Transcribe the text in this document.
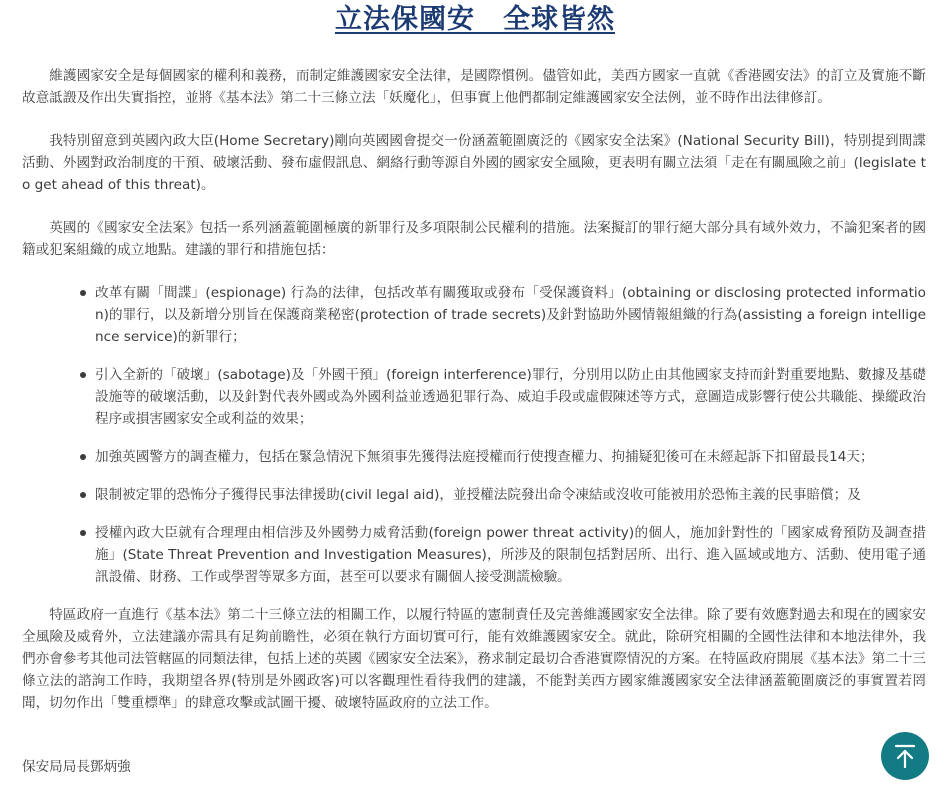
立法保國安　全球皆然

維護國家安全是每個國家的權利和義務，而制定維護國家安全法律，是國際慣例。儘管如此，美西方國家一直就《香港國安法》的訂立及實施不斷故意詆譭及作出失實指控，並將《基本法》第二十三條立法「妖魔化」，但事實上他們都制定維護國家安全法例，並不時作出法律修訂。

我特別留意到英國內政大臣(Home Secretary)剛向英國國會提交一份涵蓋範圍廣泛的《國家安全法案》(National Security Bill)，特別提到間諜活動、外國對政治制度的干預、破壞活動、發布虛假訊息、網絡行動等源自外國的國家安全風險，更表明有關立法須「走在有關風險之前」(legislate to get ahead of this threat)。

英國的《國家安全法案》包括一系列涵蓋範圍極廣的新罪行及多項限制公民權利的措施。法案擬訂的罪行絕大部分具有域外效力，不論犯案者的國籍或犯案組織的成立地點。建議的罪行和措施包括：

改革有關「間諜」(espionage) 行為的法律，包括改革有關獲取或發布「受保護資料」(obtaining or disclosing protected information)的罪行，以及新增分別旨在保護商業秘密(protection of trade secrets)及針對協助外國情報組織的行為(assisting a foreign intelligence service)的新罪行；
引入全新的「破壞」(sabotage)及「外國干預」(foreign interference)罪行，分別用以防止由其他國家支持而針對重要地點、數據及基礎設施等的破壞活動，以及針對代表外國或為外國利益並透過犯罪行為、威迫手段或虛假陳述等方式，意圖造成影響行使公共職能、操縱政治程序或損害國家安全或利益的效果；
加強英國警方的調查權力，包括在緊急情況下無須事先獲得法庭授權而行使搜查權力、拘捕疑犯後可在未經起訴下扣留最長14天；
限制被定罪的恐怖分子獲得民事法律援助(civil legal aid)，並授權法院發出命令凍結或沒收可能被用於恐怖主義的民事賠償；及
授權內政大臣就有合理理由相信涉及外國勢力威脅活動(foreign power threat activity)的個人，施加針對性的「國家威脅預防及調查措施」(State Threat Prevention and Investigation Measures)，所涉及的限制包括對居所、出行、進入區域或地方、活動、使用電子通訊設備、財務、工作或學習等眾多方面，甚至可以要求有關個人接受測謊檢驗。

特區政府一直進行《基本法》第二十三條立法的相關工作，以履行特區的憲制責任及完善維護國家安全法律。除了要有效應對過去和現在的國家安全風險及威脅外，立法建議亦需具有足夠前瞻性，必須在執行方面切實可行，能有效維護國家安全。就此，除研究相關的全國性法律和本地法律外，我們亦會參考其他司法管轄區的同類法律，包括上述的英國《國家安全法案》，務求制定最切合香港實際情況的方案。在特區政府開展《基本法》第二十三條立法的諮詢工作時，我期望各界(特別是外國政客)可以客觀理性看待我們的建議，不能對美西方國家維護國家安全法律涵蓋範圍廣泛的事實置若罔聞，切勿作出「雙重標準」的肆意攻擊或試圖干擾、破壞特區政府的立法工作。

保安局局長鄧炳強
